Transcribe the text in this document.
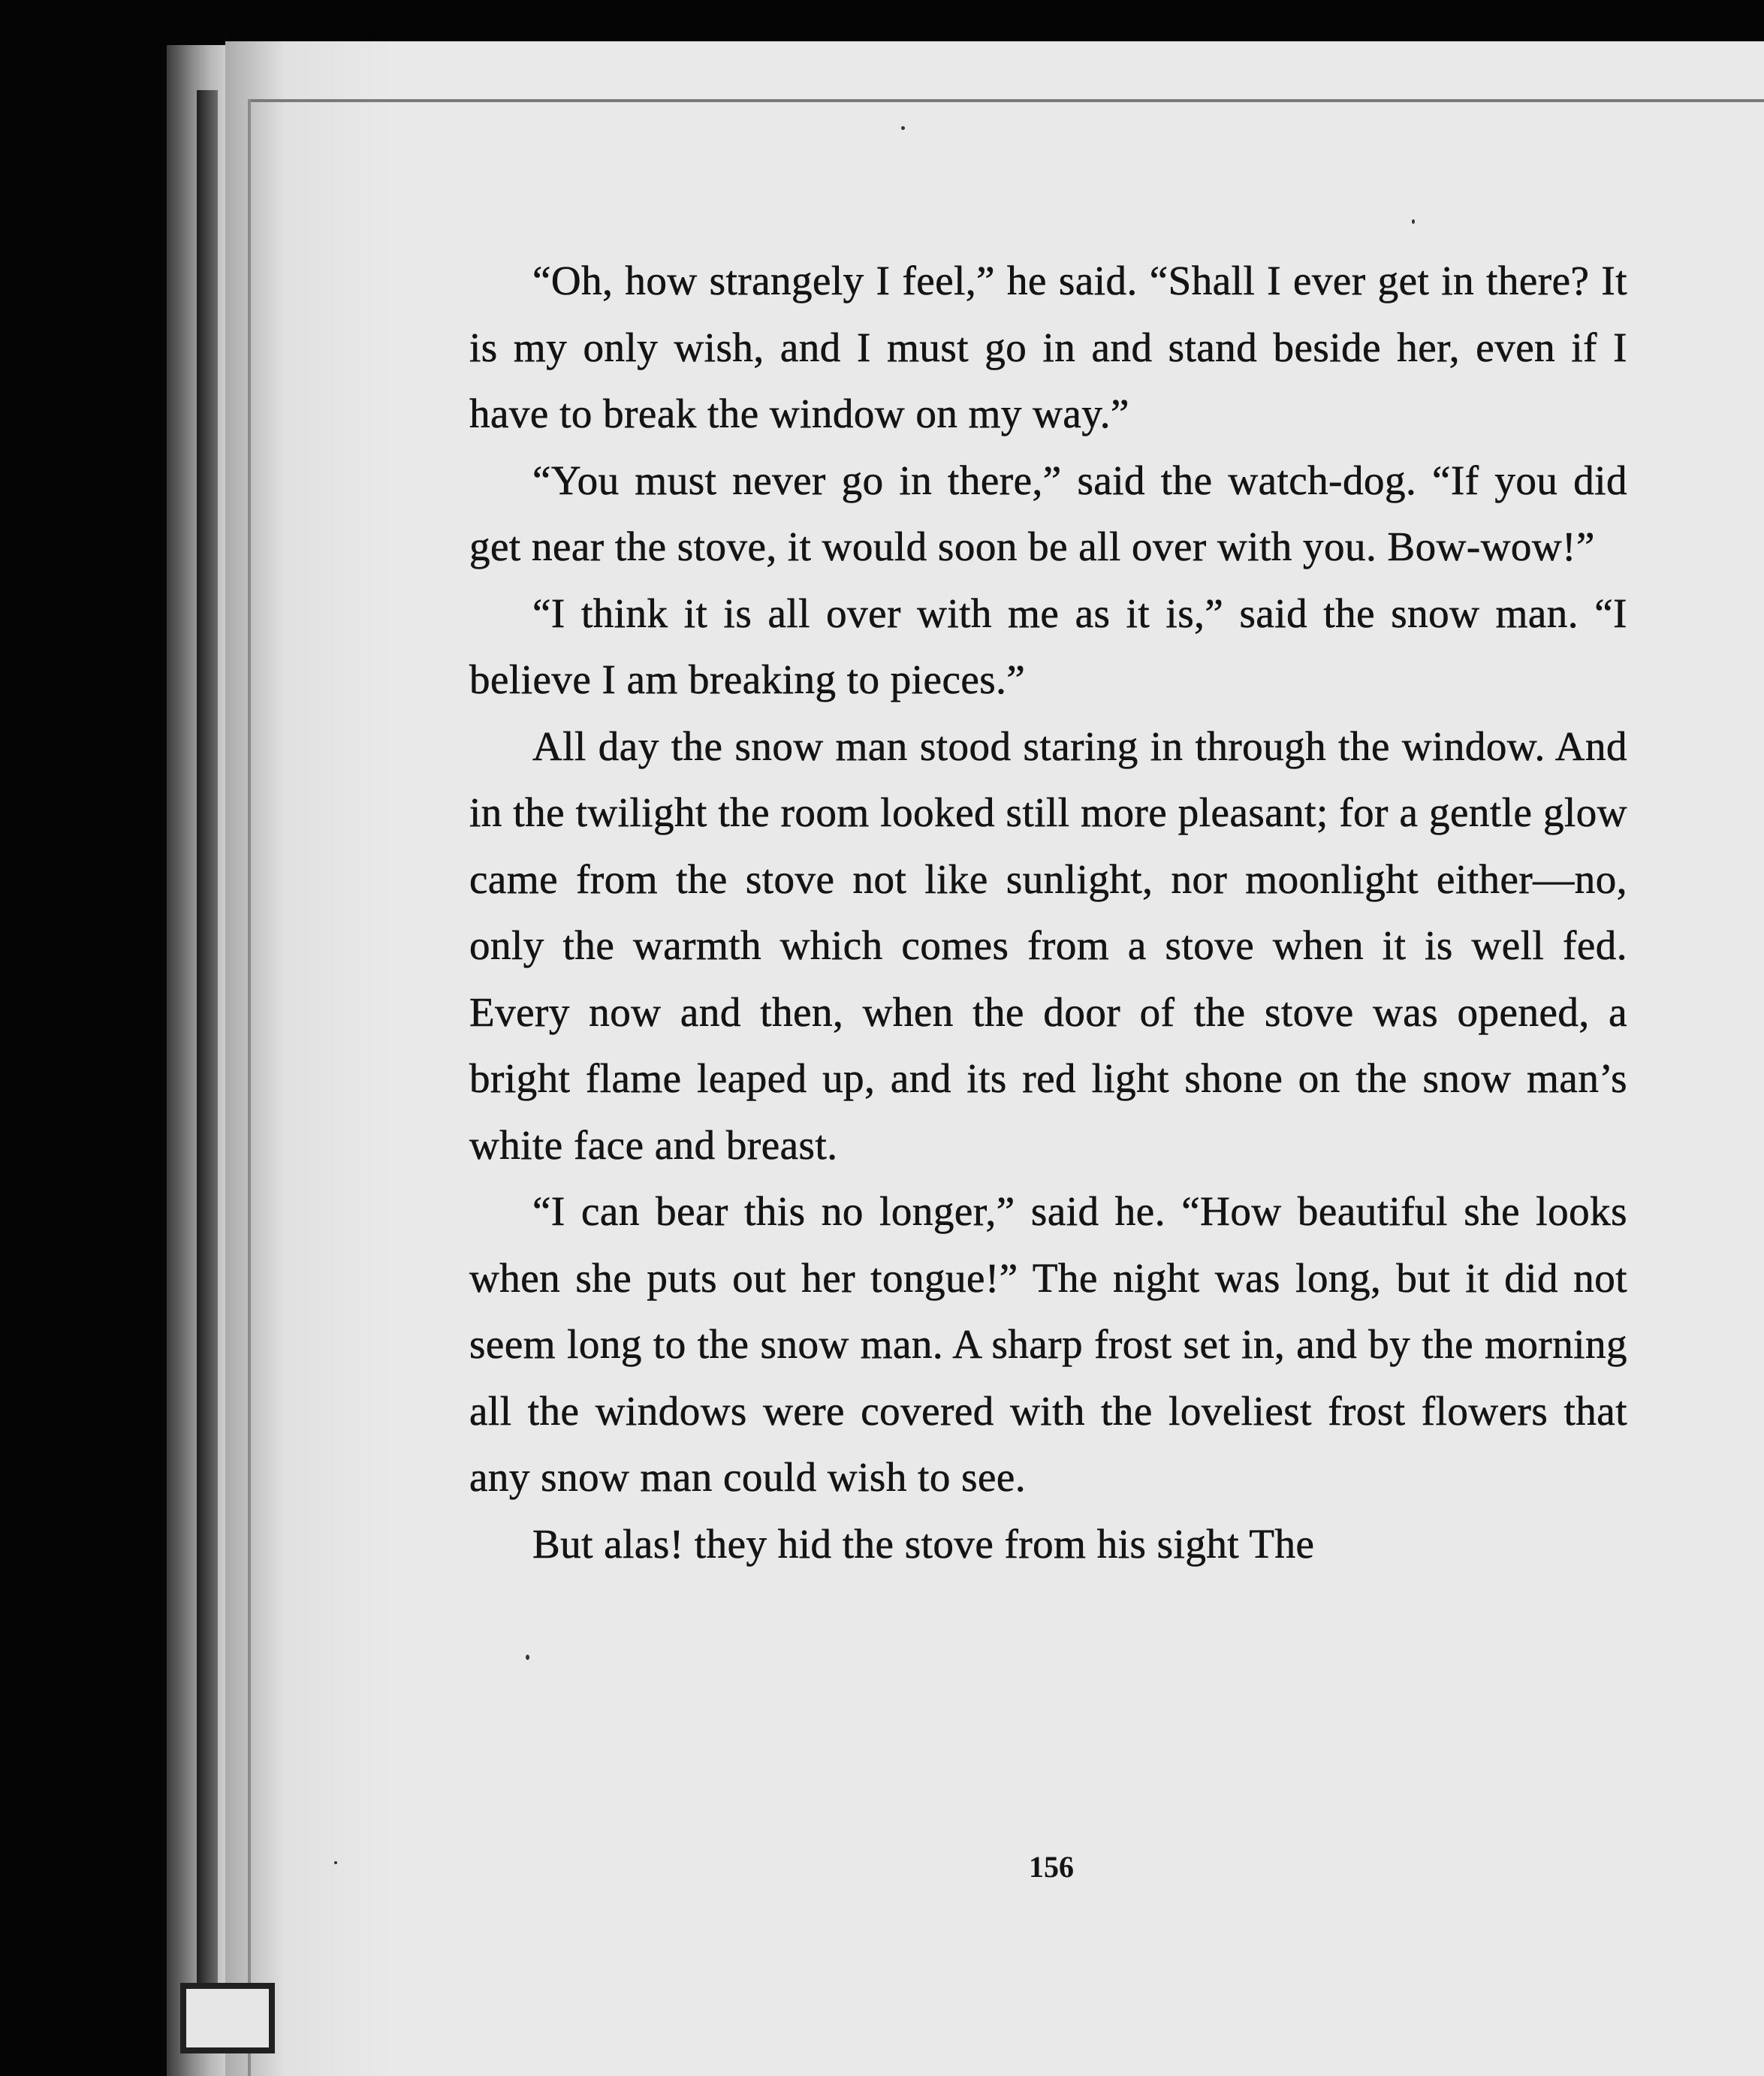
“Oh, how strangely I feel,” he said. “Shall I ever get in there? It is my only wish, and I must go in and stand beside her, even if I have to break the window on my way.”

“You must never go in there,” said the watch-dog. “If you did get near the stove, it would soon be all over with you. Bow-wow!”

“I think it is all over with me as it is,” said the snow man. “I believe I am breaking to pieces.”

All day the snow man stood staring in through the window. And in the twilight the room looked still more pleasant; for a gentle glow came from the stove not like sunlight, nor moonlight either—no, only the warmth which comes from a stove when it is well fed. Every now and then, when the door of the stove was opened, a bright flame leaped up, and its red light shone on the snow man’s white face and breast.

“I can bear this no longer,” said he. “How beautiful she looks when she puts out her tongue!” The night was long, but it did not seem long to the snow man. A sharp frost set in, and by the morning all the windows were covered with the loveliest frost flowers that any snow man could wish to see.

But alas! they hid the stove from his sight The

156
